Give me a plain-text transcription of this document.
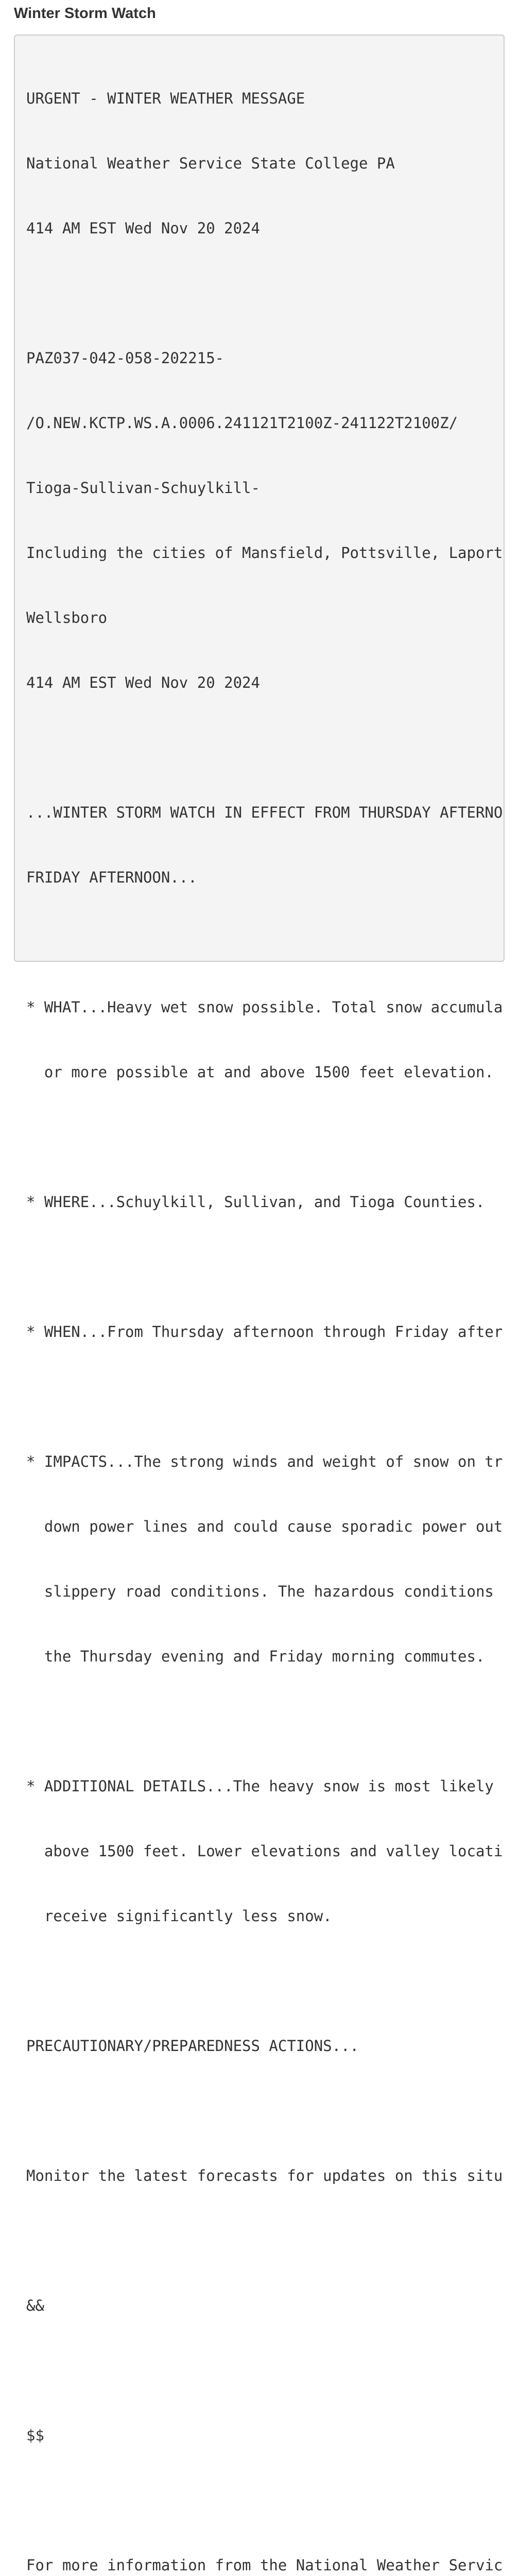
Winter Storm Watch

URGENT - WINTER WEATHER MESSAGE

National Weather Service State College PA

414 AM EST Wed Nov 20 2024

PAZ037-042-058-202215-

/O.NEW.KCTP.WS.A.0006.241121T2100Z-241122T2100Z/

Tioga-Sullivan-Schuylkill-

Including the cities of Mansfield, Pottsville, Laport

Wellsboro

414 AM EST Wed Nov 20 2024

...WINTER STORM WATCH IN EFFECT FROM THURSDAY AFTERNO

FRIDAY AFTERNOON...

* WHAT...Heavy wet snow possible. Total snow accumula

or more possible at and above 1500 feet elevation.

* WHERE...Schuylkill, Sullivan, and Tioga Counties.

* WHEN...From Thursday afternoon through Friday after

* IMPACTS...The strong winds and weight of snow on tr

down power lines and could cause sporadic power out

slippery road conditions. The hazardous conditions

the Thursday evening and Friday morning commutes.

* ADDITIONAL DETAILS...The heavy snow is most likely

above 1500 feet. Lower elevations and valley locati

receive significantly less snow.

PRECAUTIONARY/PREPAREDNESS ACTIONS...

Monitor the latest forecasts for updates on this situ

&&

$$

For more information from the National Weather Servic
